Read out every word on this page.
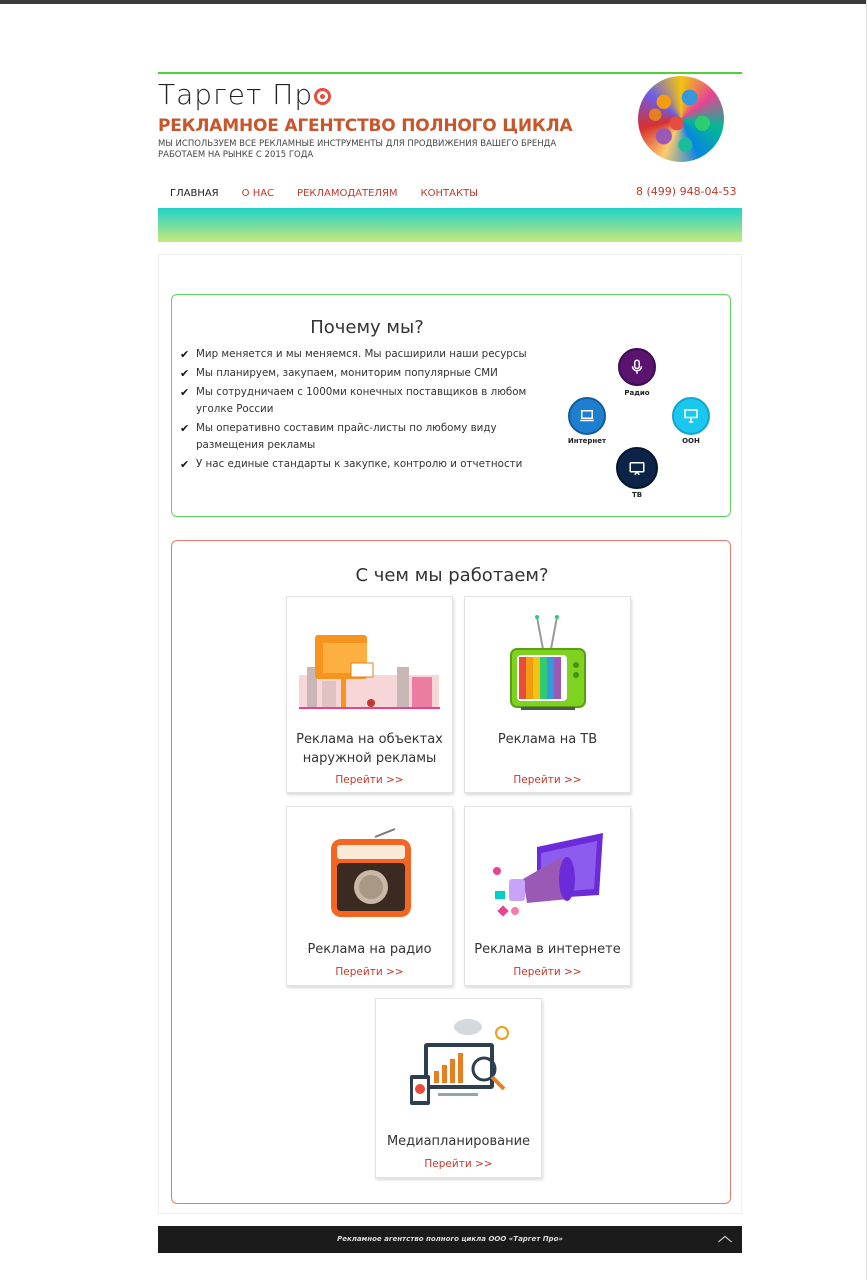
Таргет Пр
РЕКЛАМНОЕ АГЕНТСТВО ПОЛНОГО ЦИКЛА
МЫ ИСПОЛЬЗУЕМ ВСЕ РЕКЛАМНЫЕ ИНСТРУМЕНТЫ ДЛЯ ПРОДВИЖЕНИЯ ВАШЕГО БРЕНДА
РАБОТАЕМ НА РЫНКЕ С 2015 ГОДА
ГЛАВНАЯ О НАС РЕКЛАМОДАТЕЛЯМ КОНТАКТЫ	8 (499) 948-04-53
Почему мы?
✔ Мир меняется и мы меняемся. Мы расширили наши ресурсы
✔ Мы планируем, закупаем, мониторим популярные СМИ
✔ Мы сотрудничаем с 1000ми конечных поставщиков в любом уголке России
✔ Мы оперативно составим прайс-листы по любому виду размещения рекламы
✔ У нас единые стандарты к закупке, контролю и отчетности
Радио
Интернет	OOH
ТВ
С чем мы работаем?
Реклама на объектах наружной рекламы
Перейти >>
Реклама на ТВ
Перейти >>
Реклама на радио
Перейти >>
Реклама в интернете
Перейти >>
Медиапланирование
Перейти >>
Рекламное агентство полного цикла ООО «Таргет Про»	︿
